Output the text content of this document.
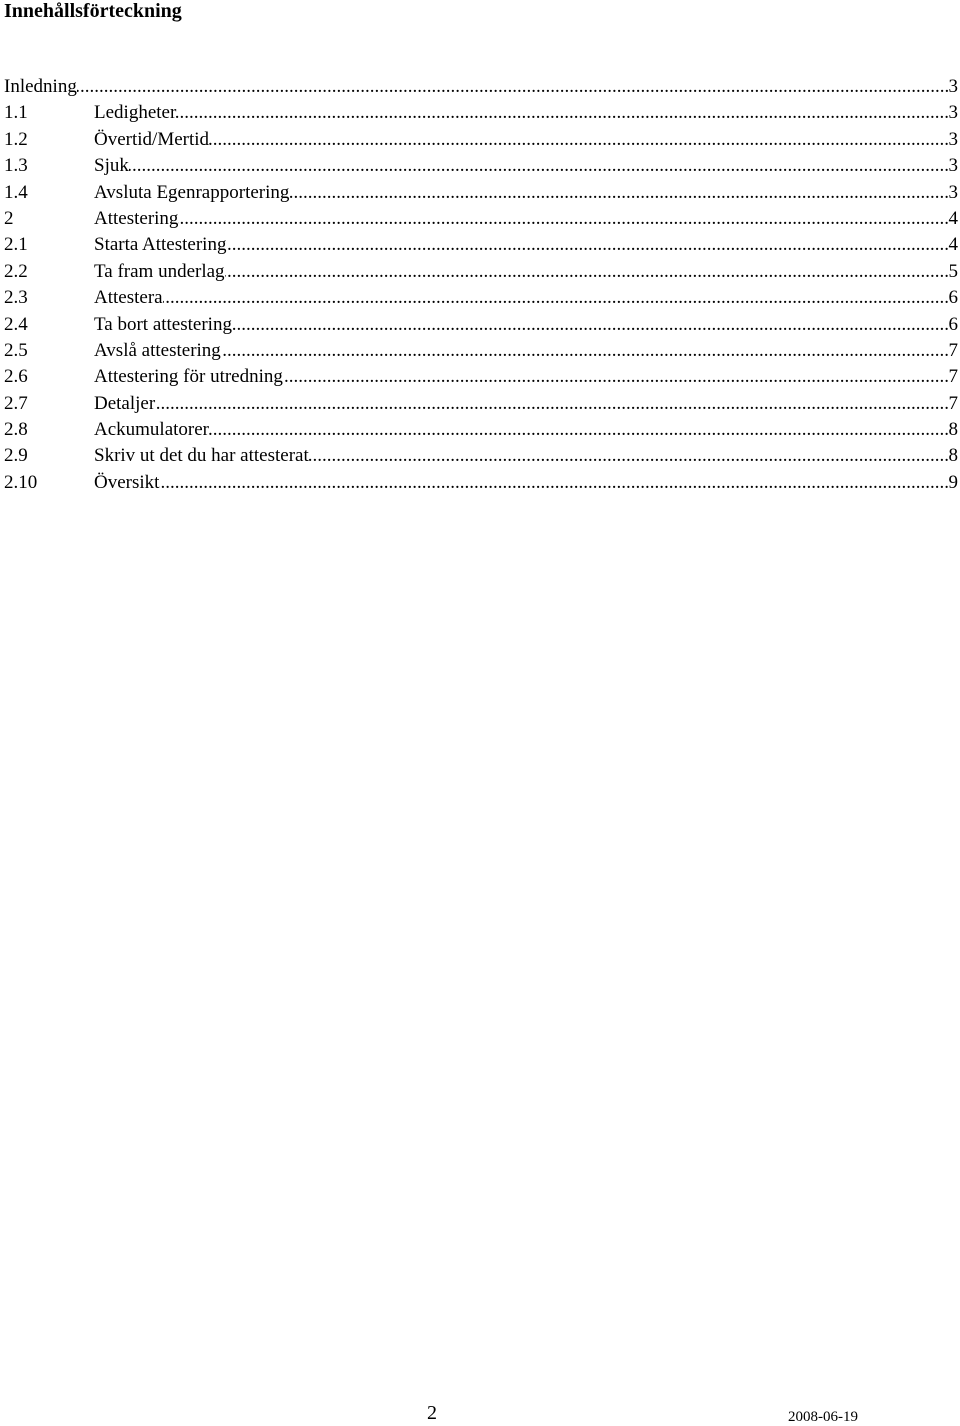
Innehållsförteckning
Inledning .....	3
1.1	Ledigheter .....	3
1.2	Övertid/Mertid .....	3
1.3	Sjuk .....	3
1.4	Avsluta Egenrapportering .....	3
2	Attestering .....	4
2.1	Starta Attestering .....	4
2.2	Ta fram underlag .....	5
2.3	Attestera .....	6
2.4	Ta bort attestering .....	6
2.5	Avslå attestering .....	7
2.6	Attestering för utredning .....	7
2.7	Detaljer .....	7
2.8	Ackumulatorer .....	8
2.9	Skriv ut det du har attesterat .....	8
2.10	Översikt .....	9
2	2008-06-19
